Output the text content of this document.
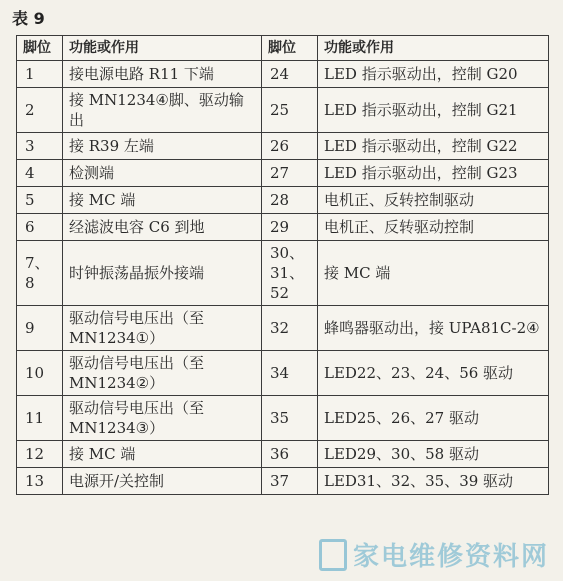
表 9
脚位	功能或作用	脚位	功能或作用
1	接电源电路 R11 下端	24	LED 指示驱动出，控制 G20
2	接 MN1234④脚、驱动输出	25	LED 指示驱动出，控制 G21
3	接 R39 左端	26	LED 指示驱动出，控制 G22
4	检测端	27	LED 指示驱动出，控制 G23
5	接 MC 端	28	电机正、反转控制驱动
6	经滤波电容 C6 到地	29	电机正、反转驱动控制
7、8	时钟振荡晶振外接端	30、31、52	接 MC 端
9	驱动信号电压出（至MN1234①）	32	蜂鸣器驱动出，接 UPA81C-2④
10	驱动信号电压出（至MN1234②）	34	LED22、23、24、56 驱动
11	驱动信号电压出（至MN1234③）	35	LED25、26、27 驱动
12	接 MC 端	36	LED29、30、58 驱动
13	电源开/关控制	37	LED31、32、35、39 驱动
家电维修资料网
